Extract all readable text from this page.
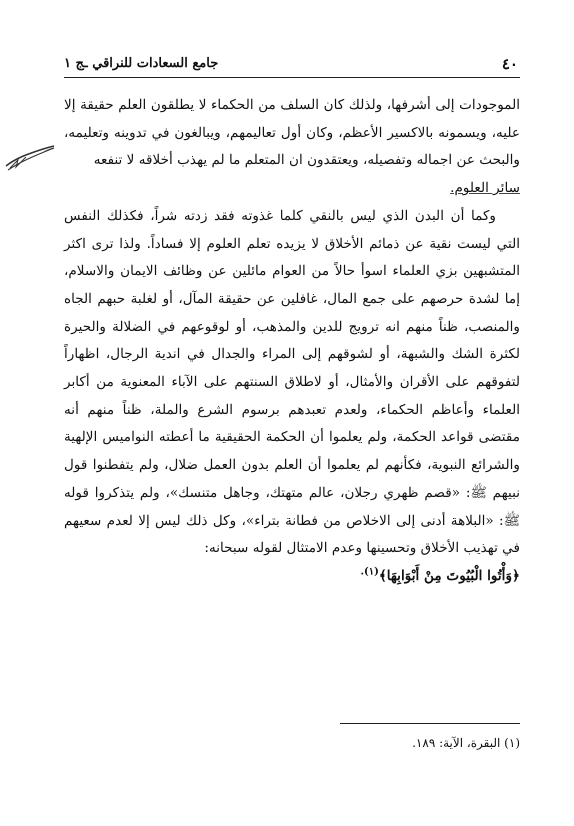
٤٠
جامع السعادات للنراقي ـج ١

الموجودات إلى أشرفها، ولذلك كان السلف من الحكماء لا يطلقون العلم حقيقة إلا عليه، ويسمونه بالاكسير الأعظم، وكان أول تعاليمهم، ويبالغون في تدوينه وتعليمه، والبحث عن اجماله وتفصيله، ويعتقدون ان المتعلم ما لم يهذب أخلاقه لا تنفعه

سائر العلوم.

وكما أن البدن الذي ليس بالنقي كلما غذوته فقد زدته شراً، فكذلك النفس التي ليست نقية عن ذمائم الأخلاق لا يزيده تعلم العلوم إلا فساداً. ولذا ترى اكثر المتشبهين بزي العلماء اسوأ حالاً من العوام مائلين عن وظائف الايمان والاسلام، إما لشدة حرصهم على جمع المال، غافلين عن حقيقة المآل، أو لغلبة حبهم الجاه والمنصب، ظناً منهم انه ترويج للدين والمذهب، أو لوقوعهم في الضلالة والحيرة لكثرة الشك والشبهة، أو لشوقهم إلى المراء والجدال في اندية الرجال، اظهاراً لتفوقهم على الأقران والأمثال، أو لاطلاق السنتهم على الآباء المعنوية من أكابر العلماء وأعاظم الحكماء، ولعدم تعبدهم برسوم الشرع والملة، ظناً منهم أنه مقتضى قواعد الحكمة، ولم يعلموا أن الحكمة الحقيقية ما أعطته النواميس الإلهية والشرائع النبوية، فكأنهم لم يعلموا أن العلم بدون العمل ضلال، ولم يتفطنوا قول نبيهم ﷺ: «قصم ظهري رجلان، عالم متهتك، وجاهل متنسك»، ولم يتذكروا قوله ﷺ: «البلاهة أدنى إلى الاخلاص من فطانة بتراء»، وكل ذلك ليس إلا لعدم سعيهم في تهذيب الأخلاق وتحسينها وعدم الامتثال لقوله سبحانه:

﴿وَأْتُوا الْبُيُوتَ مِنْ أَبْوَابِهَا﴾$^{(١).}$

(١) البقرة، الآية: ١٨٩.
